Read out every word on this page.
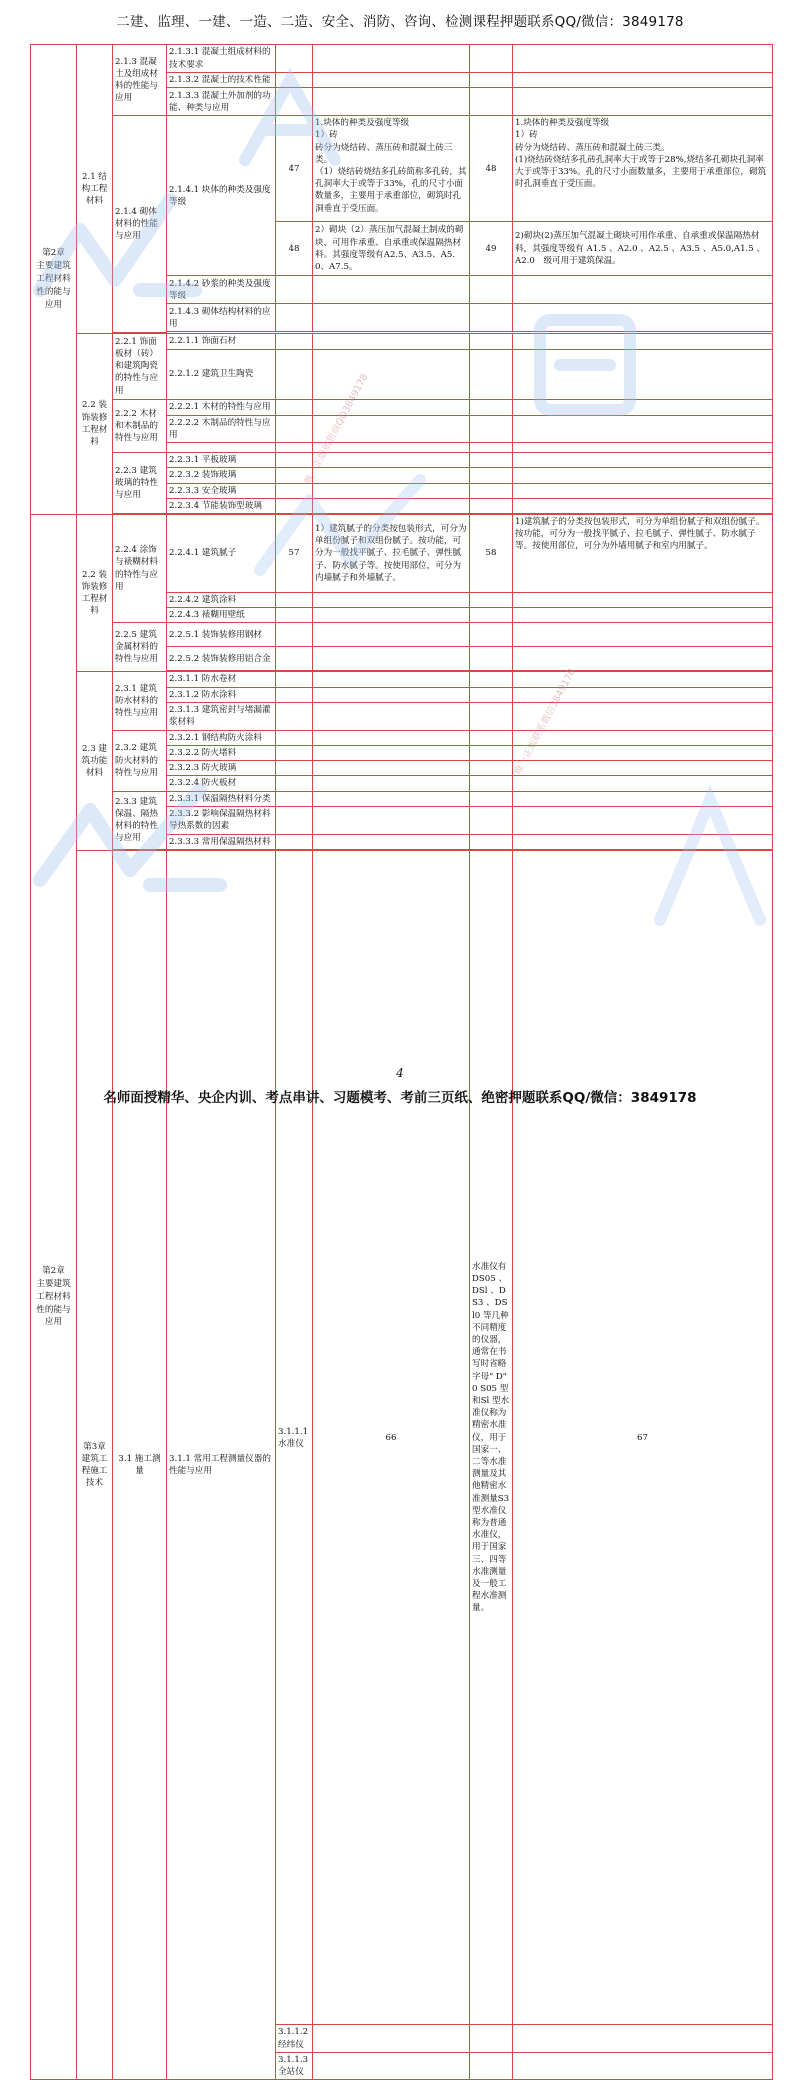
二建、监理、一建、一造、二造、安全、消防、咨询、检测课程押题联系QQ/微信：3849178
第2章
主要建筑工程材料性的能与应用	2.1 结构工程材料	2.1.3 混凝土及组成材料的性能与应用	2.1.3.1 混凝土组成材料的技术要求					
			2.1.3.2 混凝土的技术性能					
			2.1.3.3 混凝土外加剂的功能、种类与应用					
		2.1.4 砌体材料的性能与应用	2.1.4.1 块体的种类及强度等级	47	1.块体的种类及强度等级
1）砖
砖分为烧结砖、蒸压砖和混凝土砖三类。
（1）烧结砖烧结多孔砖简称多孔砖，其孔洞率大于或等于33%，孔的尺寸小面数量多，主要用于承重部位，砌筑时孔洞垂直于受压面。	48	1.块体的种类及强度等级
1）砖
砖分为烧结砖、蒸压砖和混凝土砖三类。
(1)烧结砖烧结多孔砖孔洞率大于或等于28%,烧结多孔砌块孔洞率大于或等于33%。孔的尺寸小面数量多，主要用于承重部位，砌筑时孔洞垂直于受压面。	
				48	2）砌块（2）蒸压加气混凝土制成的砌块，可用作承重、自承重或保温隔热材料。其强度等级有A2.5、A3.5、A5.0、A7.5。	49	2)砌块(2)蒸压加气混凝土砌块可用作承重、自承重或保温隔热材料，其强度等级有 A1.5 、A2.0 、A2.5 、A3.5 、A5.0,A1.5 、A2.0　级可用于建筑保温。	
			2.1.4.2 砂浆的种类及强度等级					
			2.1.4.3 砌体结构材料的应用					

	2.2 装饰装修工程材料	2.2.1 饰面板材（砖）和建筑陶瓷的特性与应用	2.2.1.1 饰面石材					
			2.2.1.2 建筑卫生陶瓷					
		2.2.2 木材和木制品的特性与应用	2.2.2.1 木材的特性与应用					
			2.2.2.2 木制品的特性与应用					

		2.2.3 建筑玻璃的特性与应用	2.2.3.1 平板玻璃					
			2.2.3.2 装饰玻璃					
			2.2.3.3 安全玻璃					
			2.2.3.4 节能装饰型玻璃					

第2章
主要建筑工程材料性的能与应用	2.2 装饰装修工程材料	2.2.4 涂饰与裱糊材料的特性与应用	2.2.4.1 建筑腻子	57	1）建筑腻子的分类按包装形式，可分为单组份腻子和双组份腻子。按功能，可分为一般找平腻子、拉毛腻子、弹性腻子、防水腻子等。按使用部位，可分为内墙腻子和外墙腻子。	58	1)建筑腻子的分类按包装形式，可分为单组份腻子和双组份腻子。按功能，可分为一般找平腻子、拉毛腻子、弹性腻子、防水腻子等。按使用部位，可分为外墙用腻子和室内用腻子。	
			2.2.4.2 建筑涂料					
			2.2.4.3 裱糊用壁纸					
		2.2.5 建筑金属材料的特性与应用	2.2.5.1 装饰装修用钢材					
			2.2.5.2 装饰装修用铝合金					

	2.3 建筑功能材料	2.3.1 建筑防水材料的特性与应用	2.3.1.1 防水卷材					
			2.3.1.2 防水涂料					
			2.3.1.3 建筑密封与堵漏灌浆材料					
		2.3.2 建筑防火材料的特性与应用	2.3.2.1 钢结构防火涂料					
			2.3.2.2 防火堵料					
			2.3.2.3 防火玻璃					
			2.3.2.4 防火板材					
		2.3.3 建筑保温、隔热材料的特性与应用	2.3.3.1 保温隔热材料分类					
			2.3.3.2 影响保温隔热材料导热系数的因素					
			2.3.3.3 常用保温隔热材料					

	第3章 建筑工程施工技术	3.1 施工测量	3.1.1 常用工程测量仪器的性能与应用	3.1.1.1 水准仪	66	水准仪有DS05 、DSl 、DS3 、DSl0 等几种不同精度的仪器，通常在书写时省略字母" D" 0 S05 型和Sl 型水准仪称为精密水准仪，用于国家一、二等水准测量及其他精密水准测量S3 型水准仪称为普通水准仪，用于国家三、四等水准测量及一般工程水准测量。	67	
				3.1.1.2 经纬仪				
				3.1.1.3 全站仪				
唯一正版销售商QQ3849178
唯一正版联系微信3849178
4
名师面授精华、央企内训、考点串讲、习题模考、考前三页纸、绝密押题联系QQ/微信：3849178
